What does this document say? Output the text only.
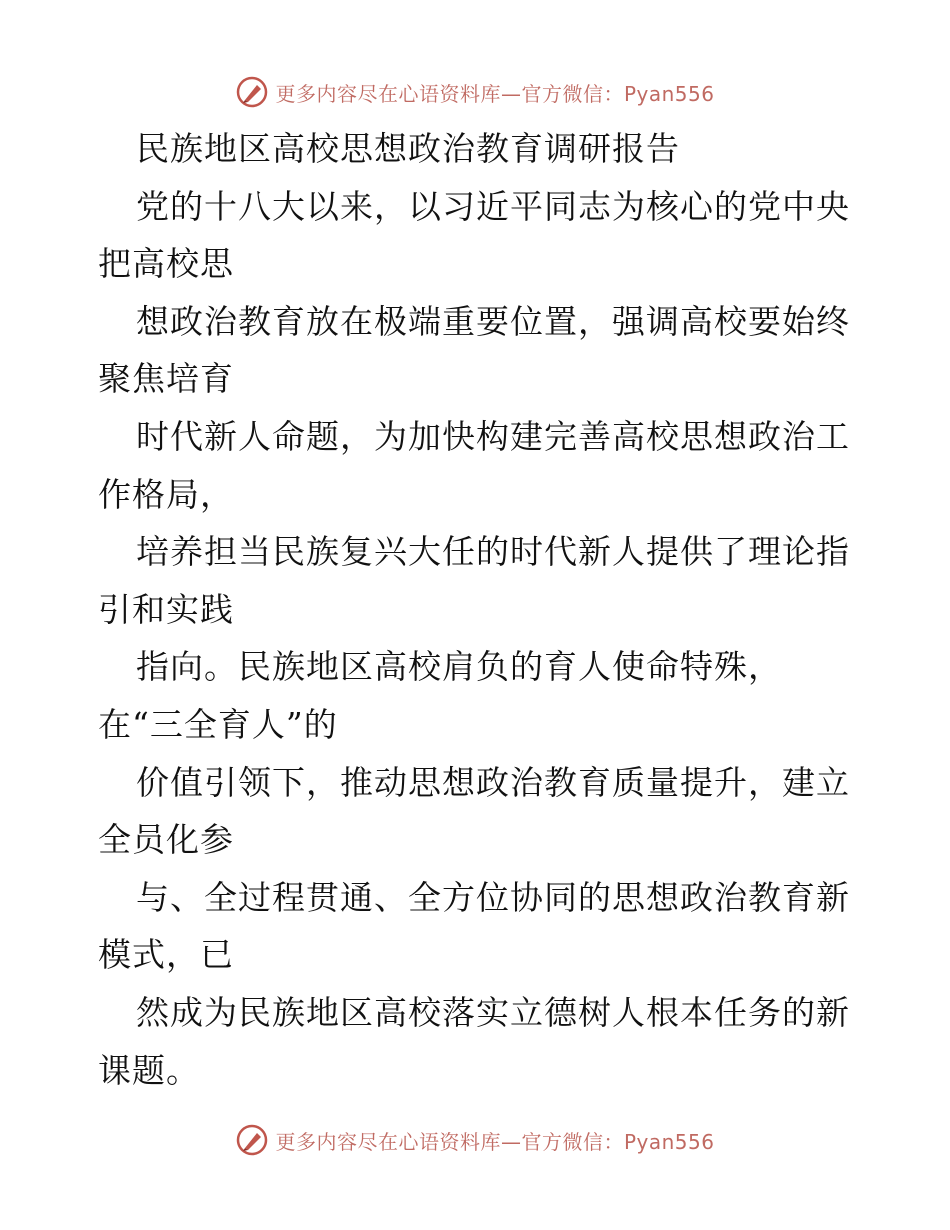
更多内容尽在心语资料库—官方微信：Pyan556
民族地区高校思想政治教育调研报告
党的十八大以来，以习近平同志为核心的党中央
把高校思
想政治教育放在极端重要位置，强调高校要始终
聚焦培育
时代新人命题，为加快构建完善高校思想政治工
作格局，
培养担当民族复兴大任的时代新人提供了理论指
引和实践
指向。民族地区高校肩负的育人使命特殊，
在“三全育人”的
价值引领下，推动思想政治教育质量提升，建立
全员化参
与、全过程贯通、全方位协同的思想政治教育新
模式，已
然成为民族地区高校落实立德树人根本任务的新
课题。
更多内容尽在心语资料库—官方微信：Pyan556
